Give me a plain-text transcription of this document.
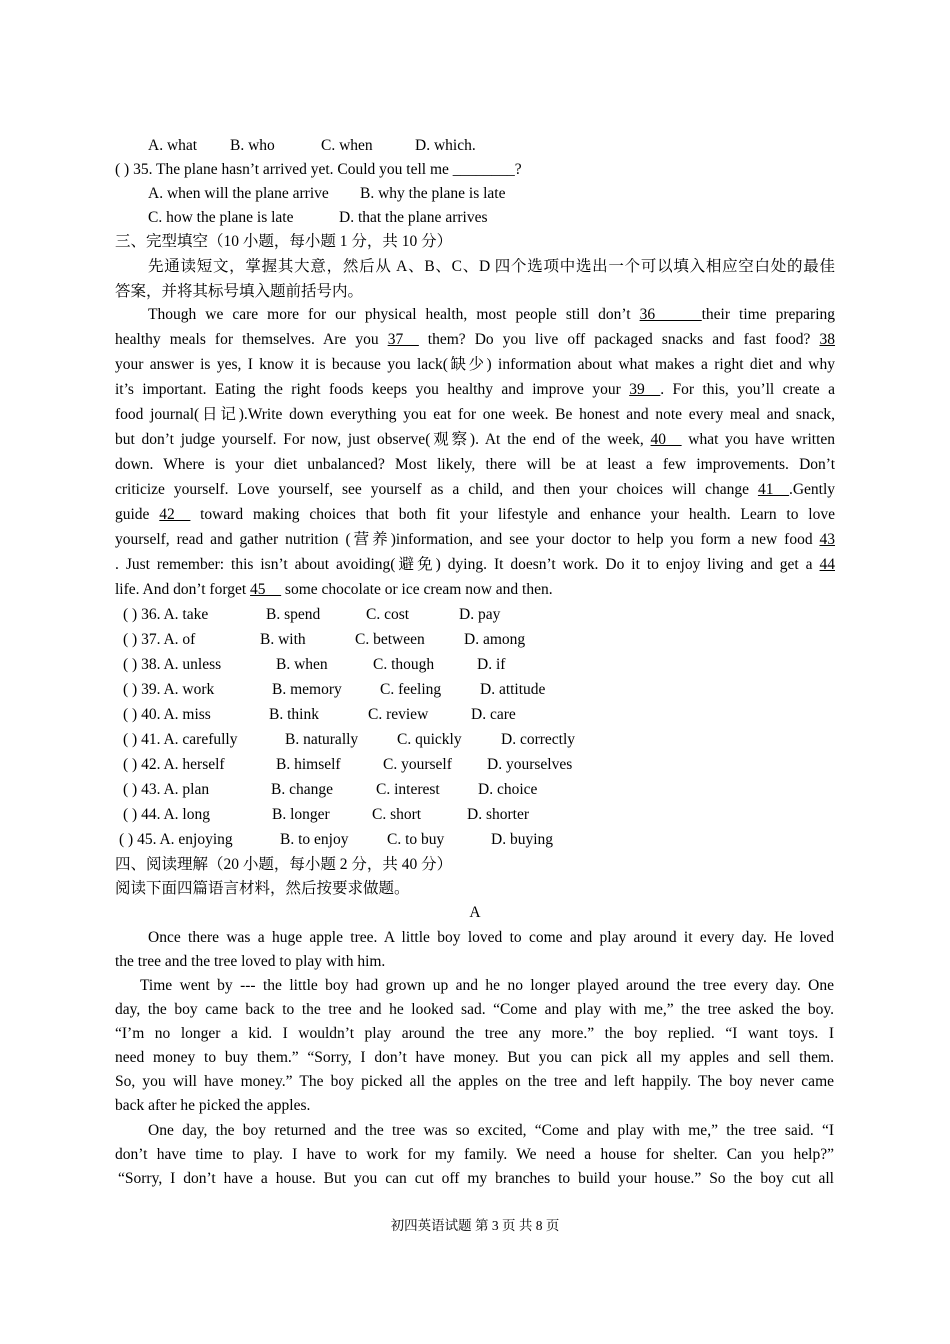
A. what B. who	C. when	D. which.
( ) 35. The plane hasn’t arrived yet. Could you tell me ________?
A. when will the plane arrive B. why the plane is late
C. how the plane is late	D. that the plane arrives
三、完型填空（10 小题，每小题 1 分，共 10 分）
先通读短文，掌握其大意，然后从 A、B、C、D 四个选项中选出一个可以填入相应空白处的最佳
答案，并将其标号填入题前括号内。
Though we care more for our physical health, most people still don’t 36______their time preparing
healthy meals for themselves. Are you 37__ them? Do you live off packaged snacks and fast food? 38
your answer is yes, I know it is because you lack(缺少) information about what makes a right diet and why
it’s important. Eating the right foods keeps you healthy and improve your 39__. For this, you’ll create a
food journal(日记).Write down everything you eat for one week. Be honest and note every meal and snack,
but don’t judge yourself. For now, just observe(观察). At the end of the week, 40__ what you have written
down. Where is your diet unbalanced? Most likely, there will be at least a few improvements. Don’t
criticize yourself. Love yourself, see yourself as a child, and then your choices will change 41__.Gently
guide 42__ toward making choices that both fit your lifestyle and enhance your health. Learn to love
yourself, read and gather nutrition (营养)information, and see your doctor to help you form a new food 43
. Just remember: this isn’t about avoiding(避免) dying. It doesn’t work. Do it to enjoy living and get a 44
life. And don’t forget 45__ some chocolate or ice cream now and then.
( ) 36. A. take	B. spend	C. cost	D. pay
( ) 37. A. of	B. with	C. between	D. among
( ) 38. A. unless	B. when	C. though	D. if
( ) 39. A. work	B. memory C. feeling	D. attitude
( ) 40. A. miss	B. think	C. review	D. care
( ) 41. A. carefully	B. naturally	C. quickly	D. correctly
( ) 42. A. herself	B. himself	C. yourself D. yourselves
( ) 43. A. plan	B. change	C. interest D. choice
( ) 44. A. long	B. longer	C. short	D. shorter
( ) 45. A. enjoying	B. to enjoy C. to buy	D. buying
四、阅读理解（20 小题，每小题 2 分，共 40 分）
阅读下面四篇语言材料，然后按要求做题。
A
Once there was a huge apple tree. A little boy loved to come and play around it every day. He loved
the tree and the tree loved to play with him.
Time went by --- the little boy had grown up and he no longer played around the tree every day. One
day, the boy came back to the tree and he looked sad. “Come and play with me,” the tree asked the boy.
“I’m no longer a kid. I wouldn’t play around the tree any more.” the boy replied. “I want toys. I
need money to buy them.” “Sorry, I don’t have money. But you can pick all my apples and sell them.
So, you will have money.” The boy picked all the apples on the tree and left happily. The boy never came
back after he picked the apples.
One day, the boy returned and the tree was so excited, “Come and play with me,” the tree said. “I
don’t have time to play. I have to work for my family. We need a house for shelter. Can you help?”
“Sorry, I don’t have a house. But you can cut off my branches to build your house.” So the boy cut all
初四英语试题 第 3 页 共 8 页
